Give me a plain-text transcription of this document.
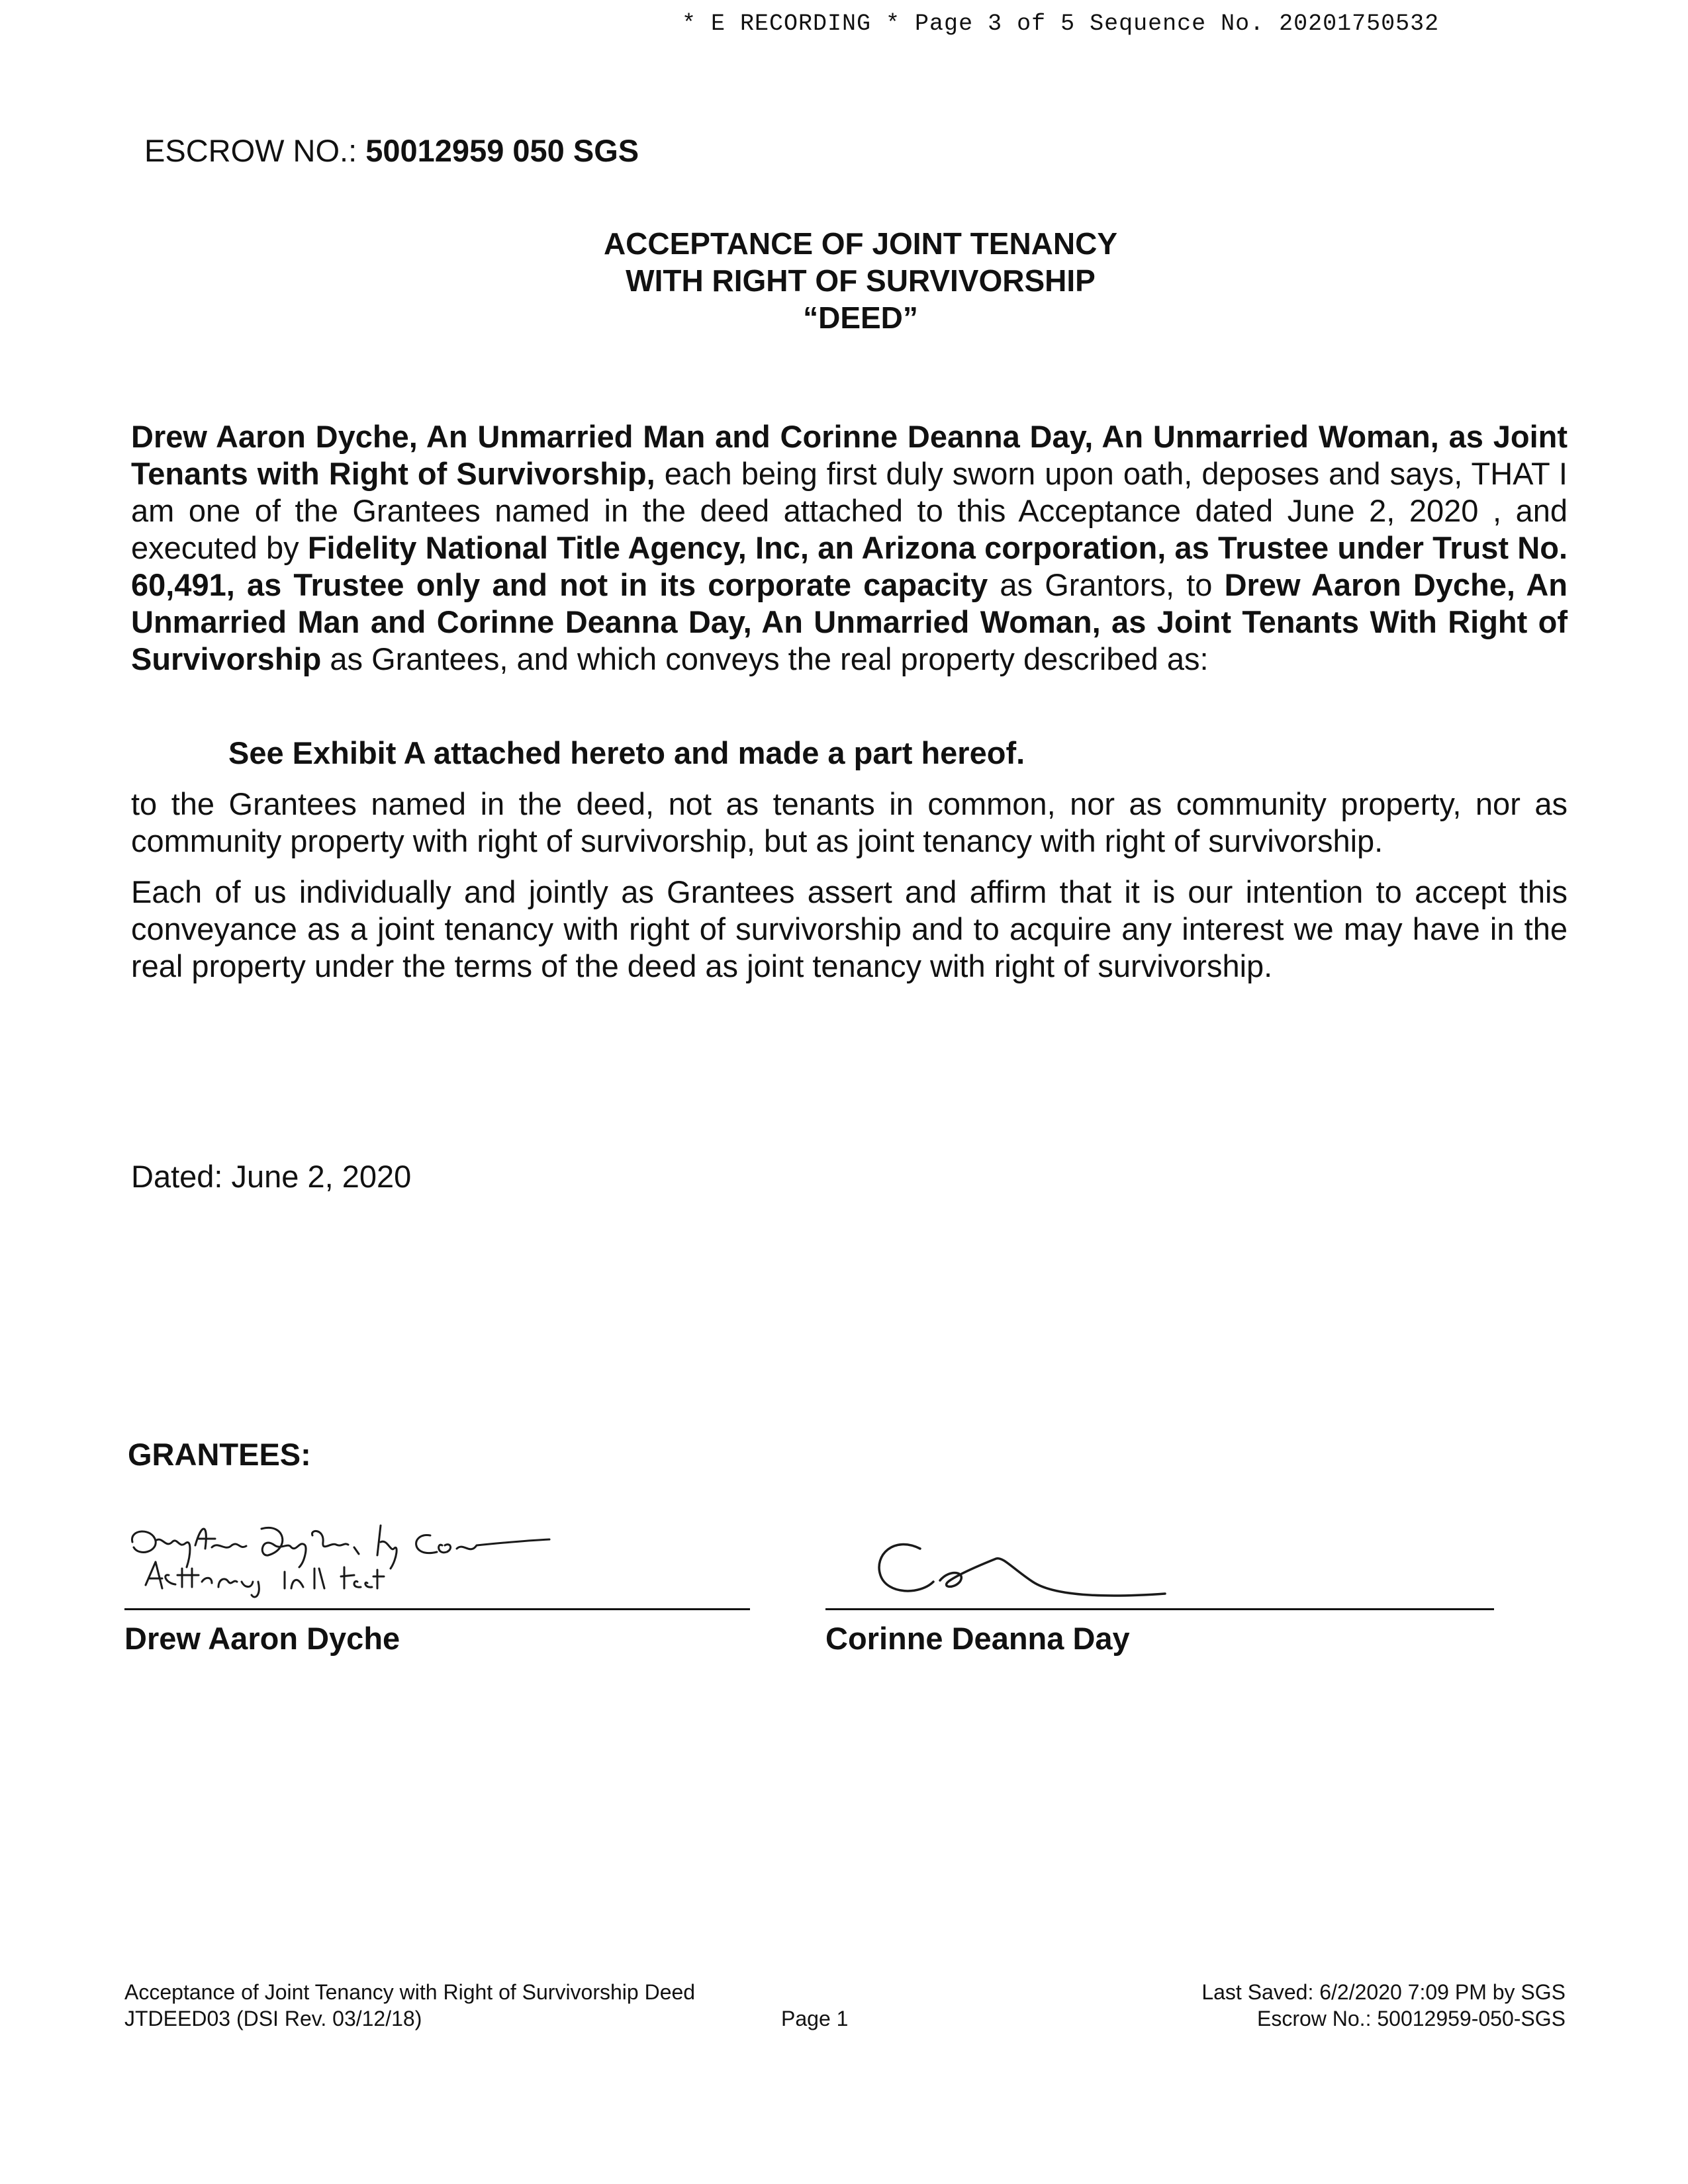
* E RECORDING * Page 3 of 5 Sequence No. 20201750532
ESCROW NO.: 50012959 050 SGS
ACCEPTANCE OF JOINT TENANCY
WITH RIGHT OF SURVIVORSHIP
“DEED”
Drew Aaron Dyche, An Unmarried Man and Corinne Deanna Day, An Unmarried Woman, as Joint Tenants with Right of Survivorship, each being first duly sworn upon oath, deposes and says, THAT I am one of the Grantees named in the deed attached to this Acceptance dated June 2, 2020 , and executed by Fidelity National Title Agency, Inc, an Arizona corporation, as Trustee under Trust No. 60,491, as Trustee only and not in its corporate capacity as Grantors, to Drew Aaron Dyche, An Unmarried Man and Corinne Deanna Day, An Unmarried Woman, as Joint Tenants With Right of Survivorship as Grantees, and which conveys the real property described as:
See Exhibit A attached hereto and made a part hereof.
to the Grantees named in the deed, not as tenants in common, nor as community property, nor as community property with right of survivorship, but as joint tenancy with right of survivorship.
Each of us individually and jointly as Grantees assert and affirm that it is our intention to accept this conveyance as a joint tenancy with right of survivorship and to acquire any interest we may have in the real property under the terms of the deed as joint tenancy with right of survivorship.
Dated: June 2, 2020
GRANTEES:
Drew Aaron Dyche	Corinne Deanna Day
Acceptance of Joint Tenancy with Right of Survivorship Deed
JTDEED03 (DSI Rev. 03/12/18)	Page 1
Last Saved: 6/2/2020 7:09 PM by SGS
Escrow No.: 50012959-050-SGS
